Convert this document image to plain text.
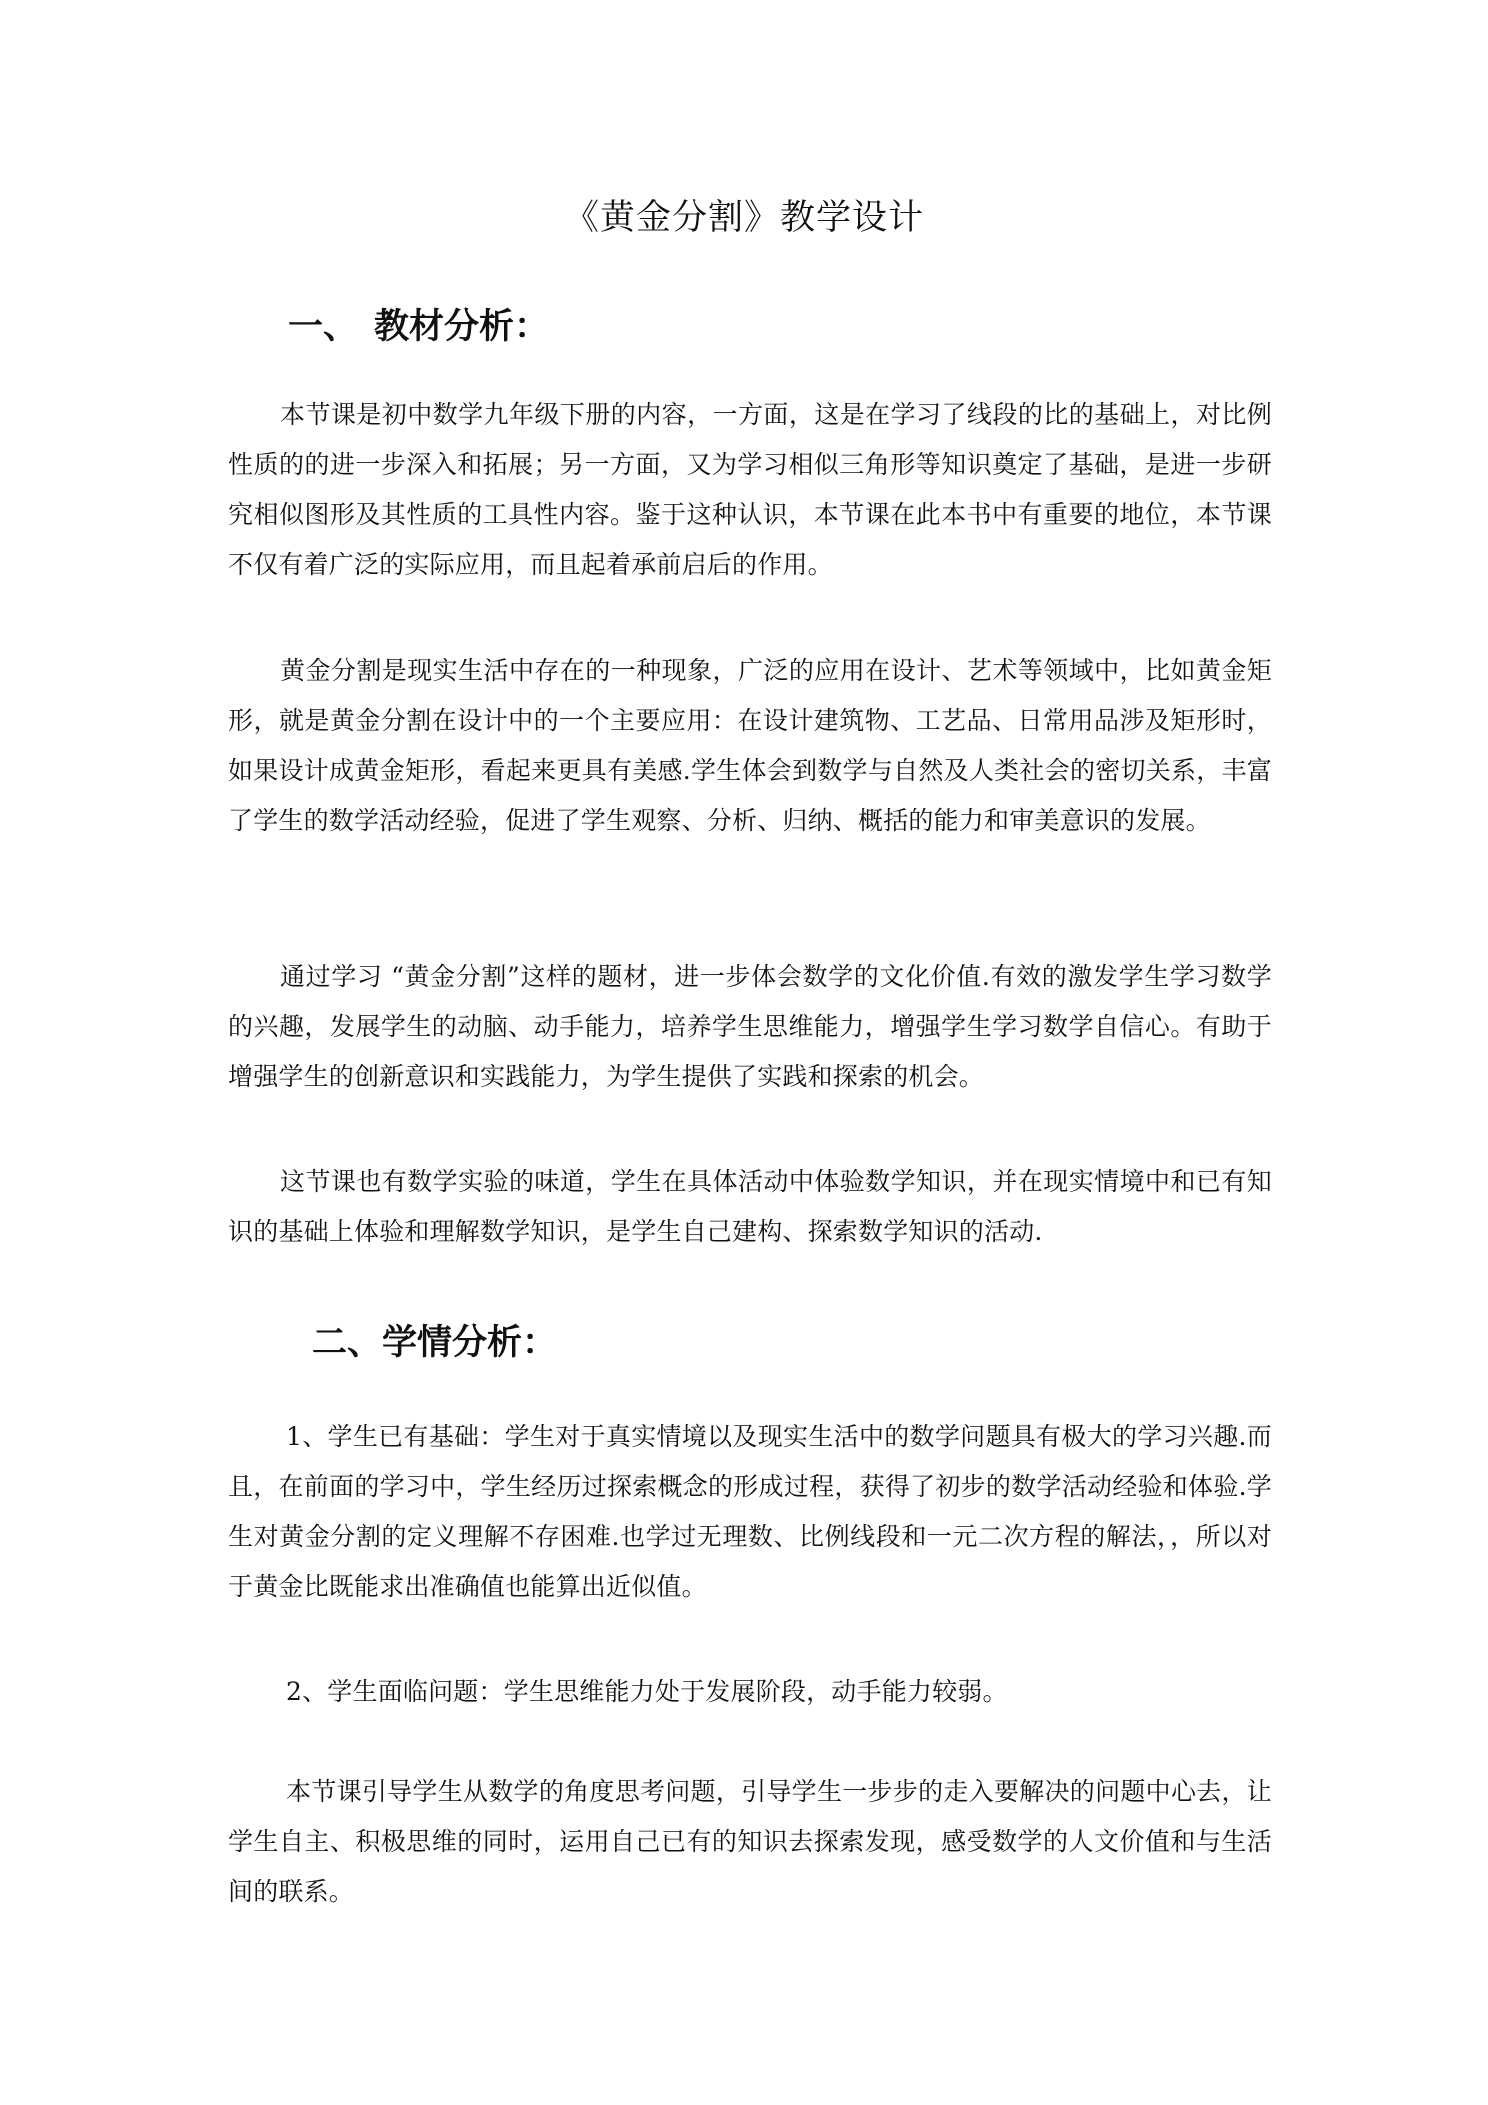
《黄金分割》教学设计
一、 教材分析：

本节课是初中数学九年级下册的内容，一方面，这是在学习了线段的比的基础上，对比例性质的的进一步深入和拓展；另一方面，又为学习相似三角形等知识奠定了基础，是进一步研究相似图形及其性质的工具性内容。鉴于这种认识，本节课在此本书中有重要的地位，本节课不仅有着广泛的实际应用，而且起着承前启后的作用。

黄金分割是现实生活中存在的一种现象，广泛的应用在设计、艺术等领域中，比如黄金矩形，就是黄金分割在设计中的一个主要应用：在设计建筑物、工艺品、日常用品涉及矩形时，如果设计成黄金矩形，看起来更具有美感.学生体会到数学与自然及人类社会的密切关系，丰富了学生的数学活动经验，促进了学生观察、分析、归纳、概括的能力和审美意识的发展。

通过学习 “黄金分割”这样的题材，进一步体会数学的文化价值.有效的激发学生学习数学的兴趣，发展学生的动脑、动手能力，培养学生思维能力，增强学生学习数学自信心。有助于增强学生的创新意识和实践能力，为学生提供了实践和探索的机会。

这节课也有数学实验的味道，学生在具体活动中体验数学知识，并在现实情境中和已有知识的基础上体验和理解数学知识，是学生自己建构、探索数学知识的活动.

二、学情分析：

1、学生已有基础：学生对于真实情境以及现实生活中的数学问题具有极大的学习兴趣.而且，在前面的学习中，学生经历过探索概念的形成过程，获得了初步的数学活动经验和体验.学生对黄金分割的定义理解不存困难.也学过无理数、比例线段和一元二次方程的解法，，所以对于黄金比既能求出准确值也能算出近似值。

2、学生面临问题：学生思维能力处于发展阶段，动手能力较弱。

本节课引导学生从数学的角度思考问题，引导学生一步步的走入要解决的问题中心去，让学生自主、积极思维的同时，运用自己已有的知识去探索发现，感受数学的人文价值和与生活间的联系。
